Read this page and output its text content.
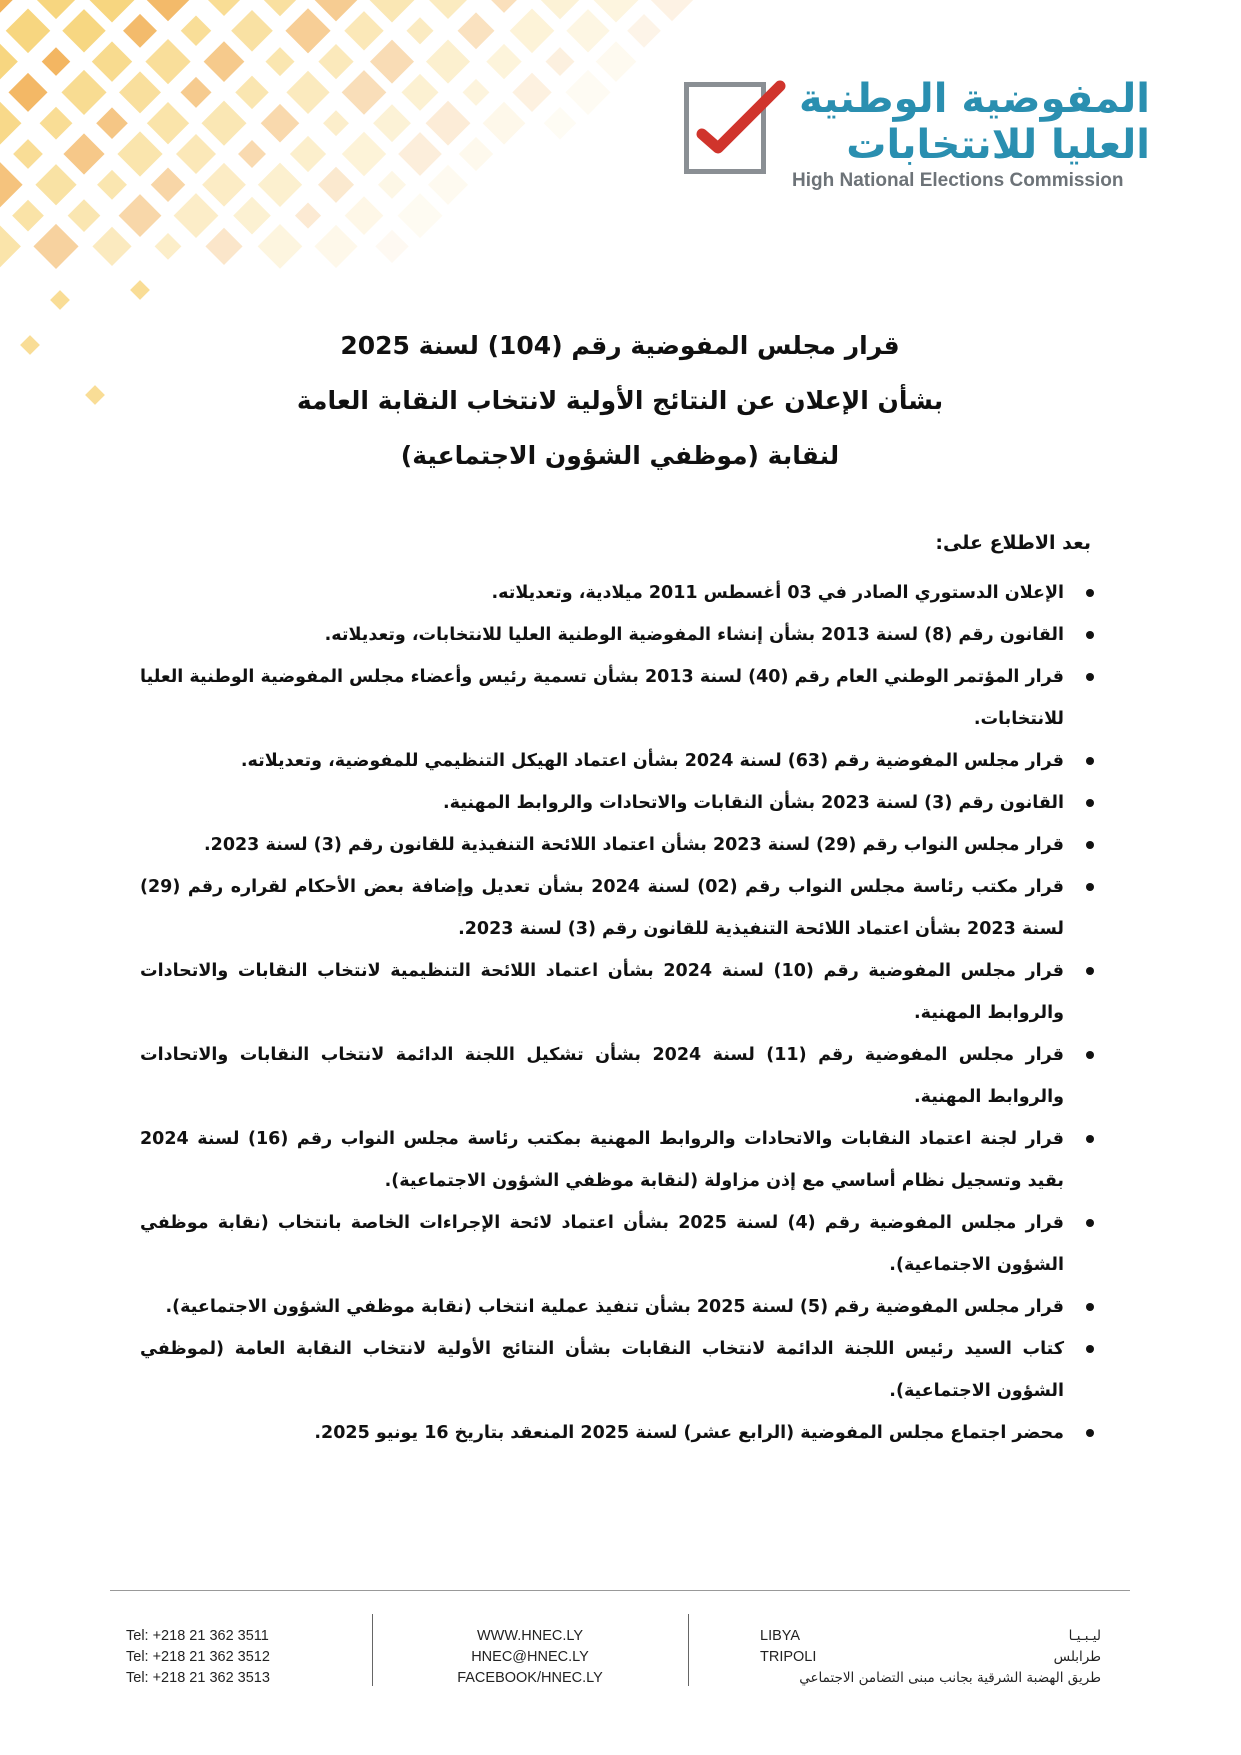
المفوضية الوطنية
العليا للانتخابات
High National Elections Commission
قرار مجلس المفوضية رقم (104) لسنة 2025
بشأن الإعلان عن النتائج الأولية لانتخاب النقابة العامة
لنقابة (موظفي الشؤون الاجتماعية)
بعد الاطلاع على:
الإعلان الدستوري الصادر في 03 أغسطس 2011 ميلادية، وتعديلاته.
القانون رقم (8) لسنة 2013 بشأن إنشاء المفوضية الوطنية العليا للانتخابات، وتعديلاته.
قرار المؤتمر الوطني العام رقم (40) لسنة 2013 بشأن تسمية رئيس وأعضاء مجلس المفوضية الوطنية العليا للانتخابات.
قرار مجلس المفوضية رقم (63) لسنة 2024 بشأن اعتماد الهيكل التنظيمي للمفوضية، وتعديلاته.
القانون رقم (3) لسنة 2023 بشأن النقابات والاتحادات والروابط المهنية.
قرار مجلس النواب رقم (29) لسنة 2023 بشأن اعتماد اللائحة التنفيذية للقانون رقم (3) لسنة 2023.
قرار مكتب رئاسة مجلس النواب رقم (02) لسنة 2024 بشأن تعديل وإضافة بعض الأحكام لقراره رقم (29) لسنة 2023 بشأن اعتماد اللائحة التنفيذية للقانون رقم (3) لسنة 2023.
قرار مجلس المفوضية رقم (10) لسنة 2024 بشأن اعتماد اللائحة التنظيمية لانتخاب النقابات والاتحادات والروابط المهنية.
قرار مجلس المفوضية رقم (11) لسنة 2024 بشأن تشكيل اللجنة الدائمة لانتخاب النقابات والاتحادات والروابط المهنية.
قرار لجنة اعتماد النقابات والاتحادات والروابط المهنية بمكتب رئاسة مجلس النواب رقم (16) لسنة 2024 بقيد وتسجيل نظام أساسي مع إذن مزاولة (لنقابة موظفي الشؤون الاجتماعية).
قرار مجلس المفوضية رقم (4) لسنة 2025 بشأن اعتماد لائحة الإجراءات الخاصة بانتخاب (نقابة موظفي الشؤون الاجتماعية).
قرار مجلس المفوضية رقم (5) لسنة 2025 بشأن تنفيذ عملية انتخاب (نقابة موظفي الشؤون الاجتماعية).
كتاب السيد رئيس اللجنة الدائمة لانتخاب النقابات بشأن النتائج الأولية لانتخاب النقابة العامة (لموظفي الشؤون الاجتماعية).
محضر اجتماع مجلس المفوضية (الرابع عشر) لسنة 2025 المنعقد بتاريخ 16 يونيو 2025.
Tel: +218 21 362 3511
Tel: +218 21 362 3512
Tel: +218 21 362 3513
WWW.HNEC.LY
HNEC@HNEC.LY
FACEBOOK/HNEC.LY
LIBYA
TRIPOLI
ليـبـيـا
طرابلس
طريق الهضبة الشرقية بجانب مبنى التضامن الاجتماعي
